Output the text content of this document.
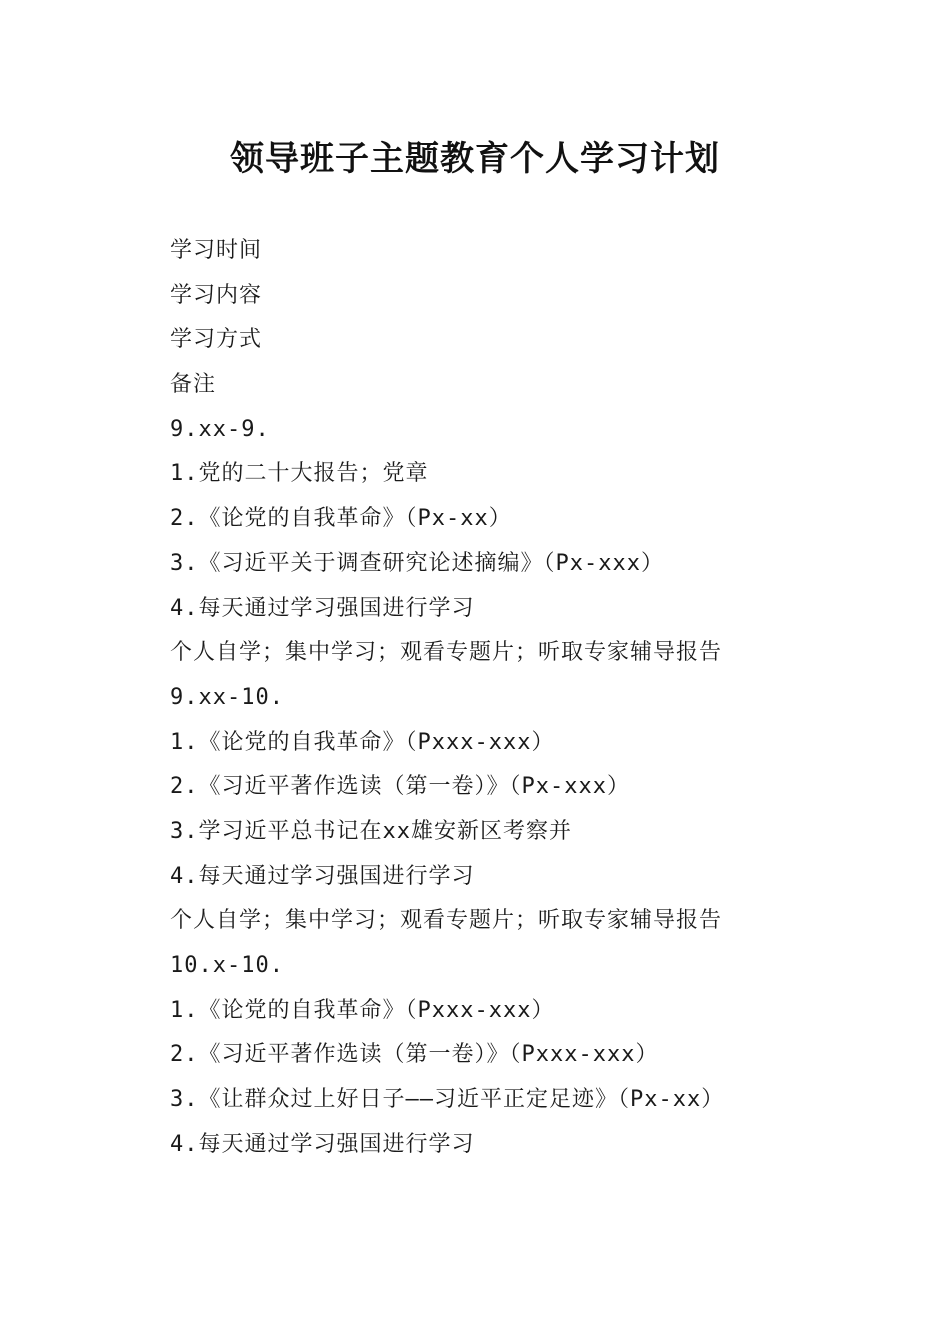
领导班子主题教育个人学习计划
学习时间
学习内容
学习方式
备注
9.xx-9.
1.党的二十大报告；党章
2.《论党的自我革命》（Px-xx）
3.《习近平关于调查研究论述摘编》（Px-xxx）
4.每天通过学习强国进行学习
个人自学；集中学习；观看专题片；听取专家辅导报告
9.xx-10.
1.《论党的自我革命》（Pxxx-xxx）
2.《习近平著作选读（第一卷）》（Px-xxx）
3.学习近平总书记在xx雄安新区考察并
4.每天通过学习强国进行学习
个人自学；集中学习；观看专题片；听取专家辅导报告
10.x-10.
1.《论党的自我革命》（Pxxx-xxx）
2.《习近平著作选读（第一卷）》（Pxxx-xxx）
3.《让群众过上好日子——习近平正定足迹》（Px-xx）
4.每天通过学习强国进行学习
